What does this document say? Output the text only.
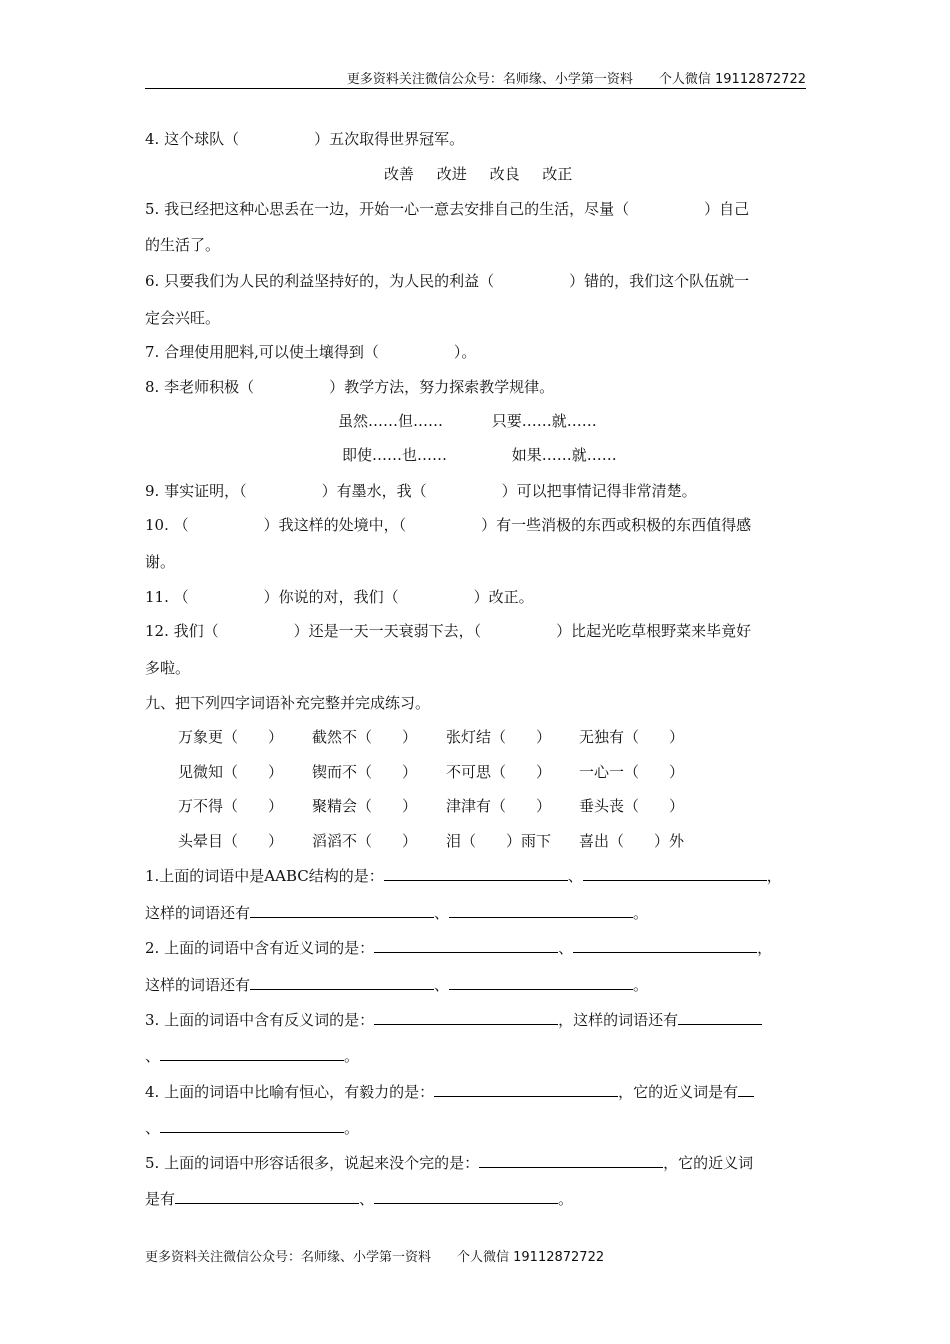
更多资料关注微信公众号：名师缘、小学第一资料　　个人微信 19112872722
4. 这个球队（　　　　　）五次取得世界冠军。
改善 改进 改良 改正
5. 我已经把这种心思丢在一边，开始一心一意去安排自己的生活，尽量（　　　　　）自己
的生活了。
6. 只要我们为人民的利益坚持好的，为人民的利益（　　　　　）错的，我们这个队伍就一
定会兴旺。
7. 合理使用肥料,可以使土壤得到（　　　　　）。
8. 李老师积极（　　　　　）教学方法，努力探索教学规律。
虽然……但……	只要……就……
即使……也……	如果……就……
9. 事实证明，（　　　　　）有墨水，我（　　　　　）可以把事情记得非常清楚。
10. （　　　　　）我这样的处境中，（　　　　　）有一些消极的东西或积极的东西值得感
谢。
11. （　　　　　）你说的对，我们（　　　　　）改正。
12. 我们（　　　　　）还是一天一天衰弱下去，（　　　　　）比起光吃草根野菜来毕竟好
多啦。
九、把下列四字词语补充完整并完成练习。
万象更（　　） 截然不（　　） 张灯结（　　） 无独有（　　）
见微知（　　） 锲而不（　　） 不可思（　　） 一心一（　　）
万不得（　　） 聚精会（　　） 津津有（　　） 垂头丧（　　）
头晕目（　　） 滔滔不（　　） 泪（　　）雨下 喜出（　　）外
1.上面的词语中是AABC结构的是：	、	，
这样的词语还有	、	。
2. 上面的词语中含有近义词的是：	、	，
这样的词语还有	、	。
3. 上面的词语中含有反义词的是：	，这样的词语还有
、	。
4. 上面的词语中比喻有恒心，有毅力的是：	，它的近义词是有
、	。
5. 上面的词语中形容话很多，说起来没个完的是：	，它的近义词
是有	、	。
更多资料关注微信公众号：名师缘、小学第一资料　　个人微信 19112872722
